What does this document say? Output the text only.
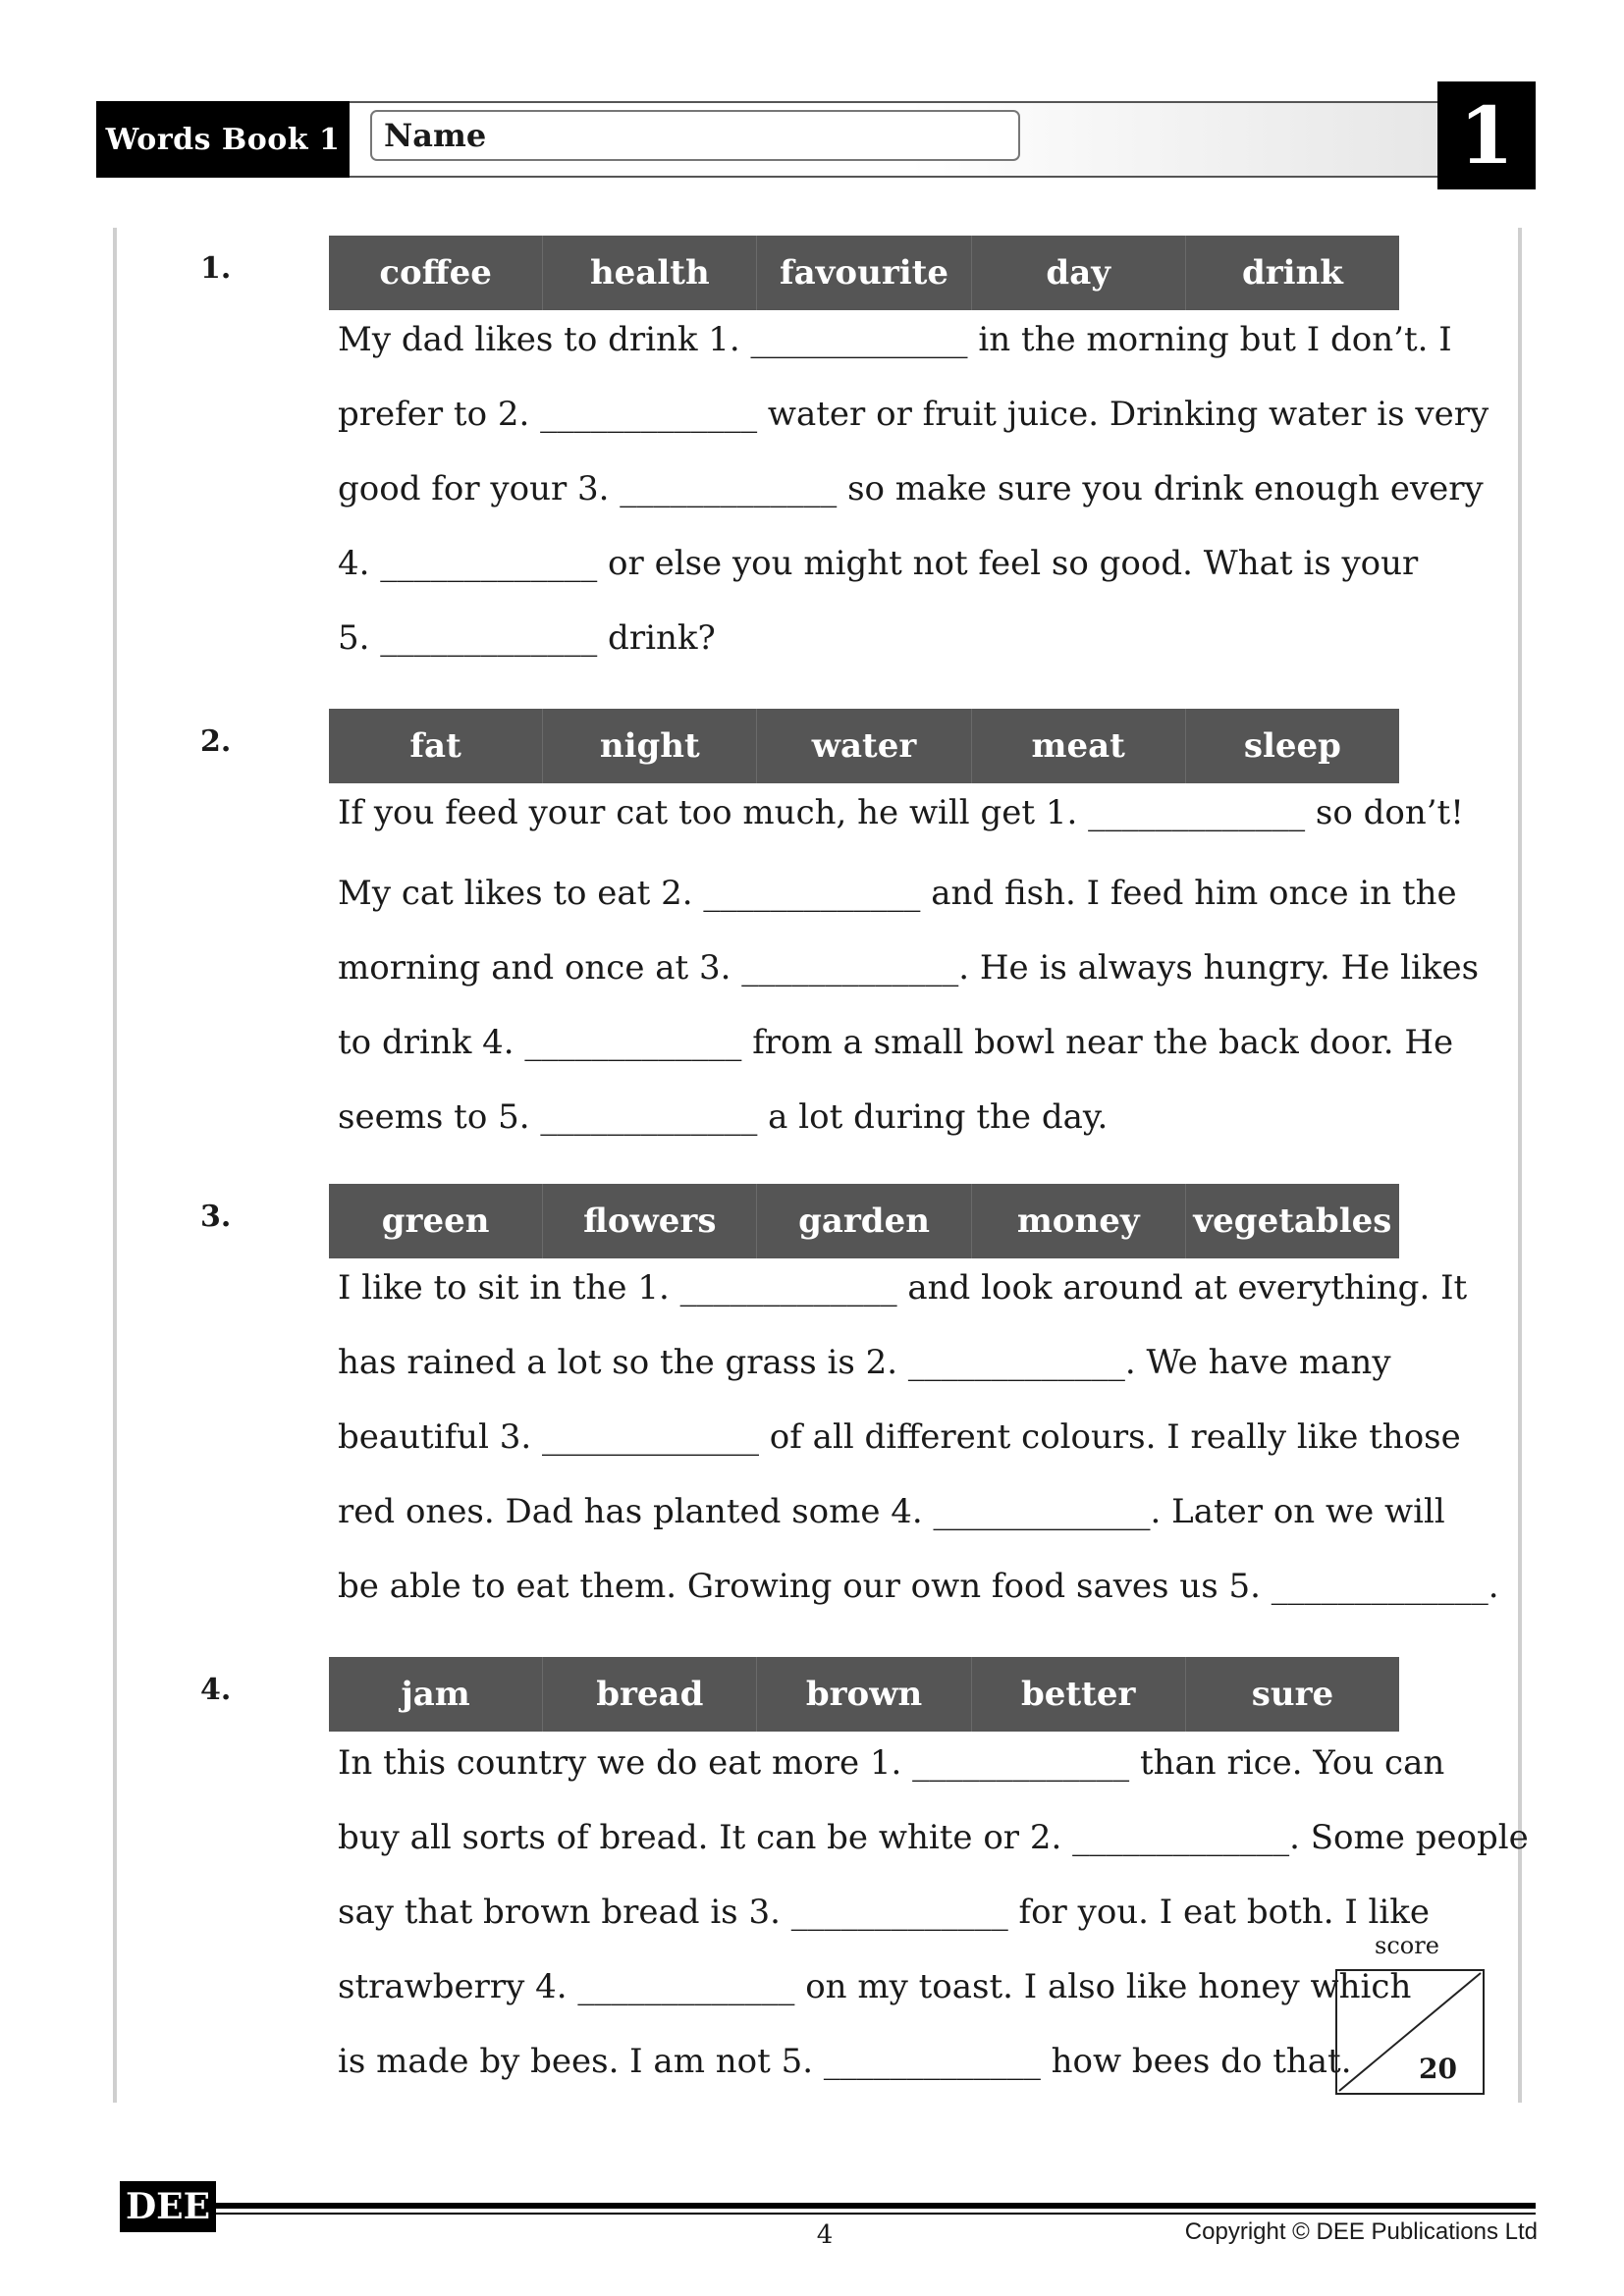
Words Book 1 Name	1
1.	coffee	health	favourite	day	drink
My dad likes to drink 1. _____________ in the morning but I don’t. I
prefer to 2. _____________ water or fruit juice. Drinking water is very
good for your 3. _____________ so make sure you drink enough every
4. _____________ or else you might not feel so good. What is your
5. _____________ drink?
2.	fat	night	water	meat	sleep
If you feed your cat too much, he will get 1. _____________ so don’t!
My cat likes to eat 2. _____________ and fish. I feed him once in the
morning and once at 3. _____________. He is always hungry. He likes
to drink 4. _____________ from a small bowl near the back door. He
seems to 5. _____________ a lot during the day.
3.	green	flowers	garden	money	vegetables
I like to sit in the 1. _____________ and look around at everything. It
has rained a lot so the grass is 2. _____________. We have many
beautiful 3. _____________ of all different colours. I really like those
red ones. Dad has planted some 4. _____________. Later on we will
be able to eat them. Growing our own food saves us 5. _____________.
4.	jam	bread	brown	better	sure
In this country we do eat more 1. _____________ than rice. You can
buy all sorts of bread. It can be white or 2. _____________. Some people
say that brown bread is 3. _____________ for you. I eat both. I like
strawberry 4. _____________ on my toast. I also like honey which
is made by bees. I am not 5. _____________ how bees do that.
score
20
DEE
4	Copyright © DEE Publications Ltd
